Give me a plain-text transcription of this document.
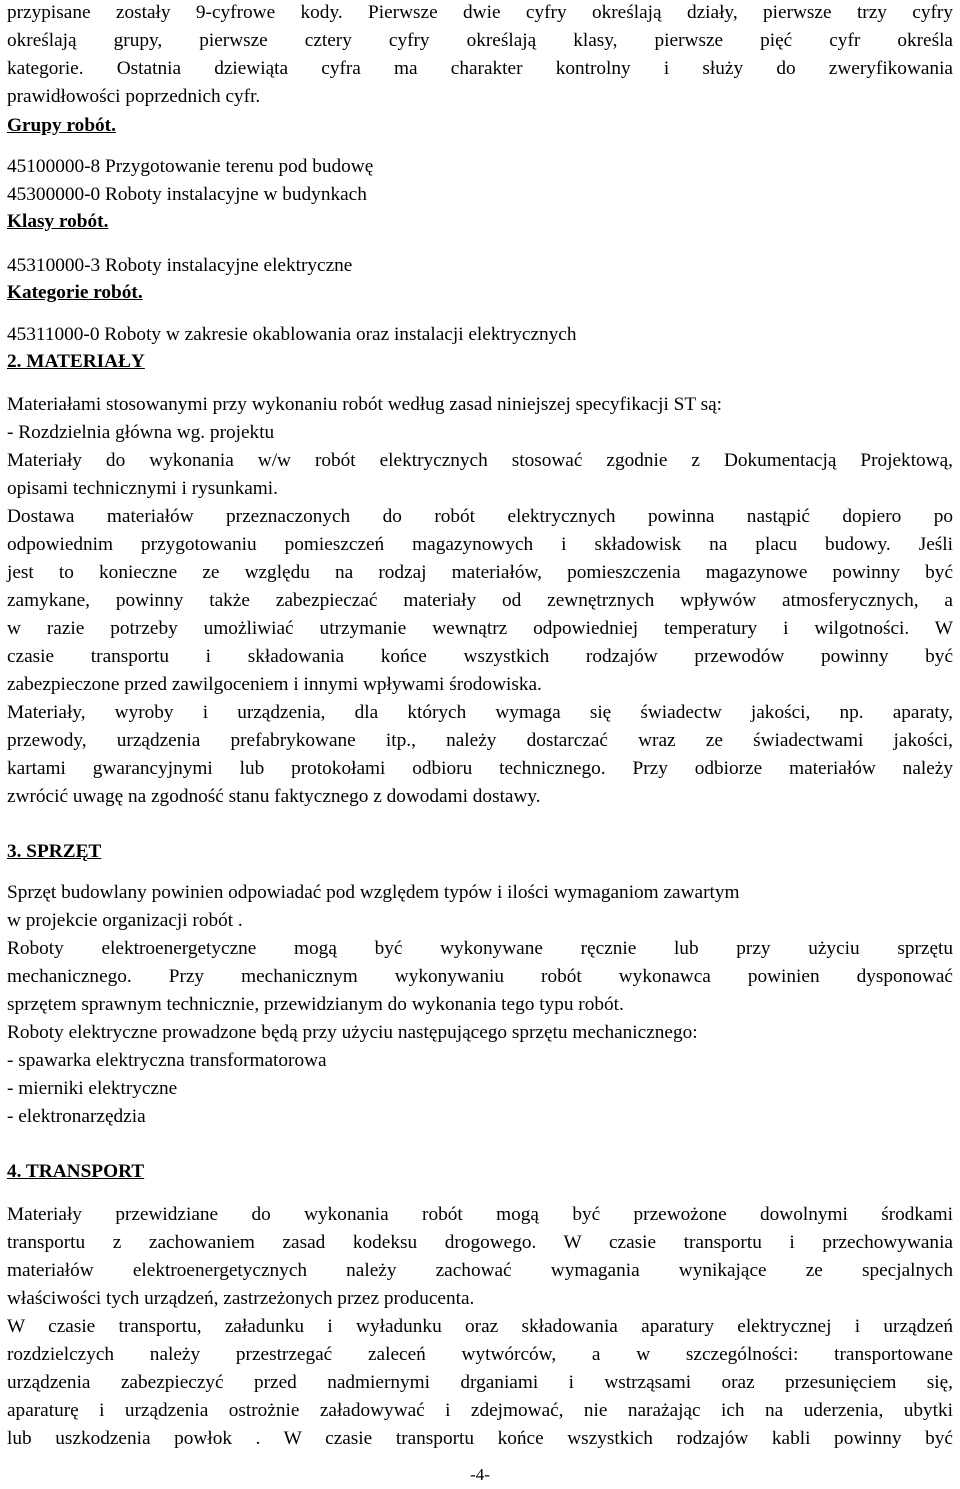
przypisane zostały 9-cyfrowe kody. Pierwsze dwie cyfry określają działy, pierwsze trzy cyfry
określają grupy, pierwsze cztery cyfry określają klasy, pierwsze pięć cyfr określa
kategorie. Ostatnia dziewiąta cyfra ma charakter kontrolny i służy do zweryfikowania
prawidłowości poprzednich cyfr.
Grupy robót.
45100000-8 Przygotowanie terenu pod budowę
45300000-0 Roboty instalacyjne w budynkach
Klasy robót.
45310000-3 Roboty instalacyjne elektryczne
Kategorie robót.
45311000-0 Roboty w zakresie okablowania oraz instalacji elektrycznych
2. MATERIAŁY
Materiałami stosowanymi przy wykonaniu robót według zasad niniejszej specyfikacji ST są:
- Rozdzielnia główna wg. projektu
Materiały do wykonania w/w robót elektrycznych stosować zgodnie z Dokumentacją Projektową,
opisami technicznymi i rysunkami.
Dostawa materiałów przeznaczonych do robót elektrycznych powinna nastąpić dopiero po
odpowiednim przygotowaniu pomieszczeń magazynowych i składowisk na placu budowy. Jeśli
jest to konieczne ze względu na rodzaj materiałów, pomieszczenia magazynowe powinny być
zamykane, powinny także zabezpieczać materiały od zewnętrznych wpływów atmosferycznych, a
w razie potrzeby umożliwiać utrzymanie wewnątrz odpowiedniej temperatury i wilgotności. W
czasie transportu i składowania końce wszystkich rodzajów przewodów powinny być
zabezpieczone przed zawilgoceniem i innymi wpływami środowiska.
Materiały, wyroby i urządzenia, dla których wymaga się świadectw jakości, np. aparaty,
przewody, urządzenia prefabrykowane itp., należy dostarczać wraz ze świadectwami jakości,
kartami gwarancyjnymi lub protokołami odbioru technicznego. Przy odbiorze materiałów należy
zwrócić uwagę na zgodność stanu faktycznego z dowodami dostawy.
3. SPRZĘT
Sprzęt budowlany powinien odpowiadać pod względem typów i ilości wymaganiom zawartym
w projekcie organizacji robót .
Roboty elektroenergetyczne mogą być wykonywane ręcznie lub przy użyciu sprzętu
mechanicznego. Przy mechanicznym wykonywaniu robót wykonawca powinien dysponować
sprzętem sprawnym technicznie, przewidzianym do wykonania tego typu robót.
Roboty elektryczne prowadzone będą przy użyciu następującego sprzętu mechanicznego:
- spawarka elektryczna transformatorowa
- mierniki elektryczne
- elektronarzędzia
4. TRANSPORT
Materiały przewidziane do wykonania robót mogą być przewożone dowolnymi środkami
transportu z zachowaniem zasad kodeksu drogowego. W czasie transportu i przechowywania
materiałów elektroenergetycznych należy zachować wymagania wynikające ze specjalnych
właściwości tych urządzeń, zastrzeżonych przez producenta.
W czasie transportu, załadunku i wyładunku oraz składowania aparatury elektrycznej i urządzeń
rozdzielczych należy przestrzegać zaleceń wytwórców, a w szczególności: transportowane
urządzenia zabezpieczyć przed nadmiernymi drganiami i wstrząsami oraz przesunięciem się,
aparaturę i urządzenia ostrożnie załadowywać i zdejmować, nie narażając ich na uderzenia, ubytki
lub uszkodzenia powłok . W czasie transportu końce wszystkich rodzajów kabli powinny być
-4-
